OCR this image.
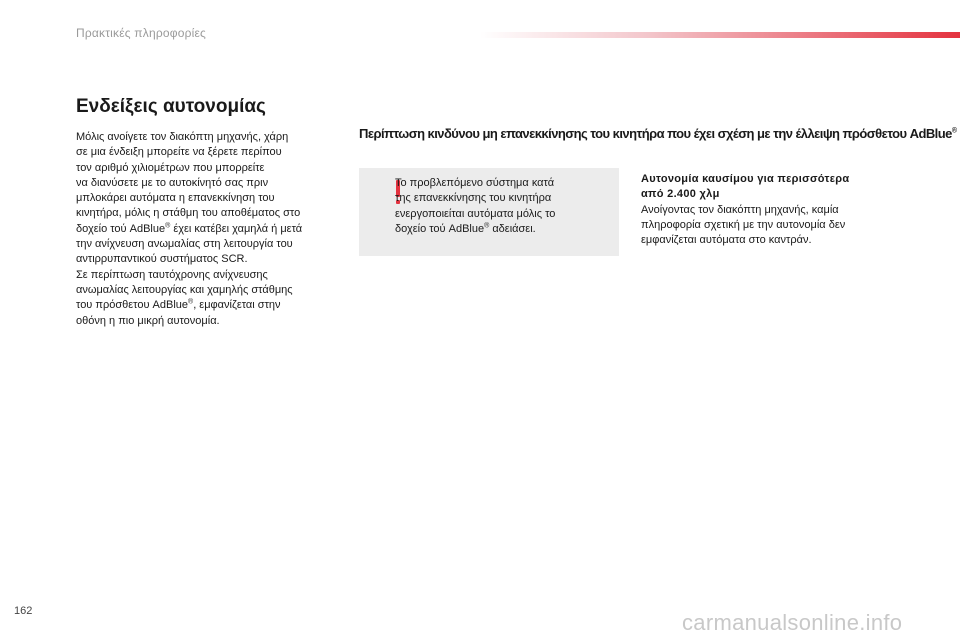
Πρακτικές πληροφορίες
Ενδείξεις αυτονομίας
Μόλις ανοίγετε τον διακόπτη μηχανής, χάρη
σε μια ένδειξη μπορείτε να ξέρετε περίπου
τον αριθμό χιλιομέτρων που μπορρείτε
να διανύσετε με το αυτοκίνητό σας πριν
μπλοκάρει αυτόματα η επανεκκίνηση του
κινητήρα, μόλις η στάθμη του αποθέματος στο
δοχείο τού AdBlue® έχει κατέβει χαμηλά ή μετά
την ανίχνευση ανωμαλίας στη λειτουργία του
αντιρρυπαντικού συστήματος SCR.
Σε περίπτωση ταυτόχρονης ανίχνευσης
ανωμαλίας λειτουργίας και χαμηλής στάθμης
του πρόσθετου AdBlue®, εμφανίζεται στην
οθόνη η πιο μικρή αυτονομία.
Περίπτωση κινδύνου μη επανεκκίνησης του κινητήρα που έχει σχέση με την έλλειψη πρόσθετου AdBlue®
Το προβλεπόμενο σύστημα κατά
της επανεκκίνησης του κινητήρα
ενεργοποιείται αυτόματα μόλις το
δοχείο τού AdBlue® αδειάσει.
Αυτονομία καυσίμου για περισσότερα
από 2.400 χλμ
Ανοίγοντας τον διακόπτη μηχανής, καμία
πληροφορία σχετική με την αυτονομία δεν
εμφανίζεται αυτόματα στο καντράν.
162	carmanualsonline.info
